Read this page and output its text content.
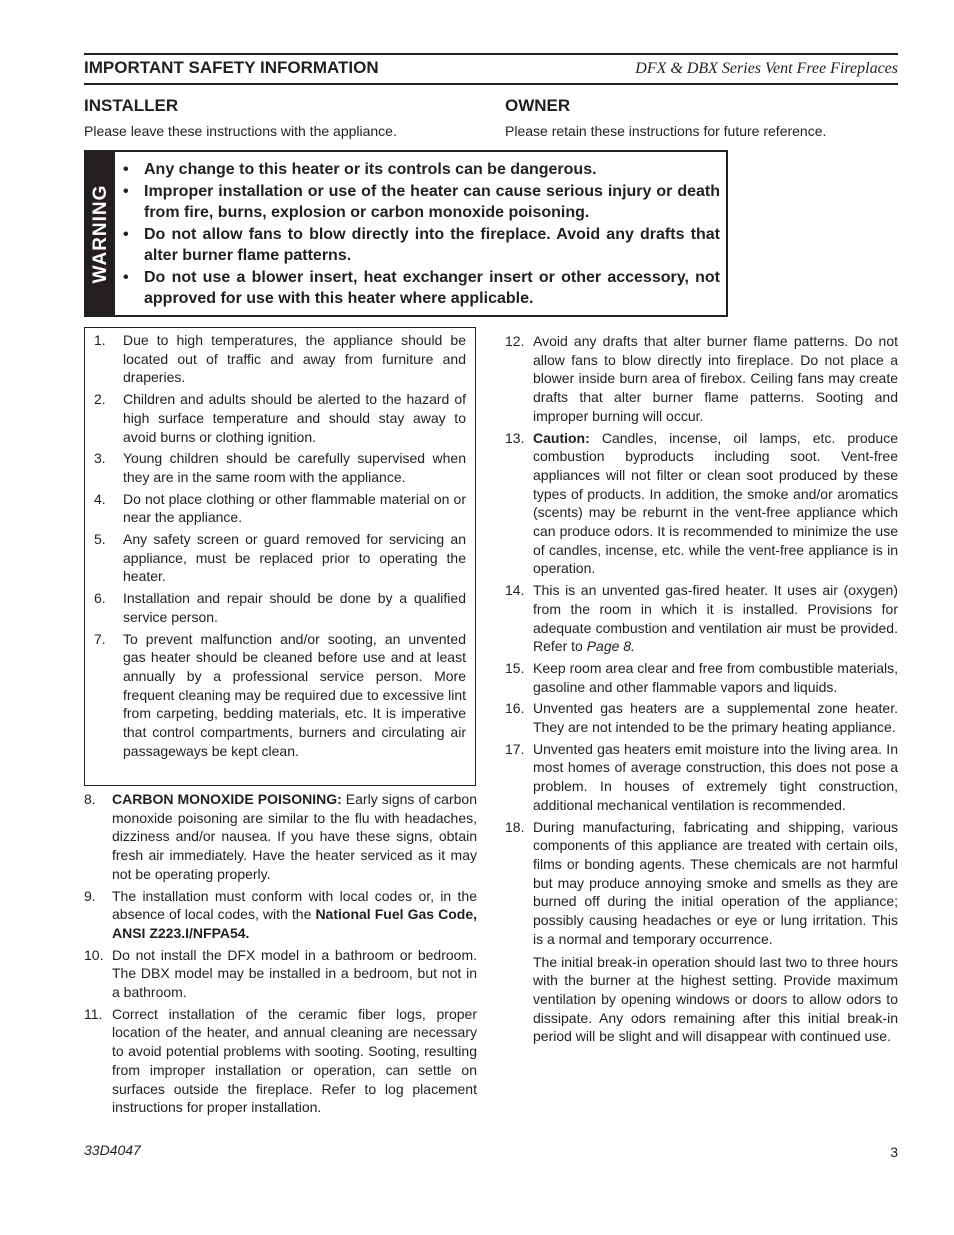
IMPORTANT SAFETY INFORMATION	DFX & DBX Series Vent Free Fireplaces
INSTALLER
Please leave these instructions with the appliance.
OWNER
Please retain these instructions for future reference.
WARNING
• Any change to this heater or its controls can be dangerous.
• Improper installation or use of the heater can cause serious injury or death from fire, burns, explosion or carbon monoxide poisoning.
• Do not allow fans to blow directly into the fireplace. Avoid any drafts that alter burner flame patterns.
• Do not use a blower insert, heat exchanger insert or other accessory, not approved for use with this heater where applicable.
1. Due to high temperatures, the appliance should be located out of traffic and away from furniture and draperies.
2. Children and adults should be alerted to the hazard of high surface temperature and should stay away to avoid burns or clothing ignition.
3. Young children should be carefully supervised when they are in the same room with the appliance.
4. Do not place clothing or other flammable material on or near the appliance.
5. Any safety screen or guard removed for servicing an appliance, must be replaced prior to operating the heater.
6. Installation and repair should be done by a qualified service person.
7. To prevent malfunction and/or sooting, an unvented gas heater should be cleaned before use and at least annually by a professional service person. More frequent cleaning may be required due to excessive lint from carpeting, bedding materials, etc. It is imperative that control compartments, burners and circulating air passageways be kept clean.
8. CARBON MONOXIDE POISONING: Early signs of carbon monoxide poisoning are similar to the flu with headaches, dizziness and/or nausea. If you have these signs, obtain fresh air immediately. Have the heater serviced as it may not be operating properly.
9. The installation must conform with local codes or, in the absence of local codes, with the National Fuel Gas Code, ANSI Z223.I/NFPA54.
10. Do not install the DFX model in a bathroom or bedroom. The DBX model may be installed in a bedroom, but not in a bathroom.
11. Correct installation of the ceramic fiber logs, proper location of the heater, and annual cleaning are necessary to avoid potential problems with sooting. Sooting, resulting from improper installation or operation, can settle on surfaces outside the fireplace. Refer to log placement instructions for proper installation.
12. Avoid any drafts that alter burner flame patterns. Do not allow fans to blow directly into fireplace. Do not place a blower inside burn area of firebox. Ceiling fans may create drafts that alter burner flame patterns. Sooting and improper burning will occur.
13. Caution: Candles, incense, oil lamps, etc. produce combustion byproducts including soot. Vent-free appliances will not filter or clean soot produced by these types of products. In addition, the smoke and/or aromatics (scents) may be reburnt in the vent-free appliance which can produce odors. It is recommended to minimize the use of candles, incense, etc. while the vent-free appliance is in operation.
14. This is an unvented gas-fired heater. It uses air (oxygen) from the room in which it is installed. Provisions for adequate combustion and ventilation air must be provided. Refer to Page 8.
15. Keep room area clear and free from combustible materials, gasoline and other flammable vapors and liquids.
16. Unvented gas heaters are a supplemental zone heater. They are not intended to be the primary heating appliance.
17. Unvented gas heaters emit moisture into the living area. In most homes of average construction, this does not pose a problem. In houses of extremely tight construction, additional mechanical ventilation is recommended.
18. During manufacturing, fabricating and shipping, various components of this appliance are treated with certain oils, films or bonding agents. These chemicals are not harmful but may produce annoying smoke and smells as they are burned off during the initial operation of the appliance; possibly causing headaches or eye or lung irritation. This is a normal and temporary occurrence.
The initial break-in operation should last two to three hours with the burner at the highest setting. Provide maximum ventilation by opening windows or doors to allow odors to dissipate. Any odors remaining after this initial break-in period will be slight and will disappear with continued use.
33D4047	3
